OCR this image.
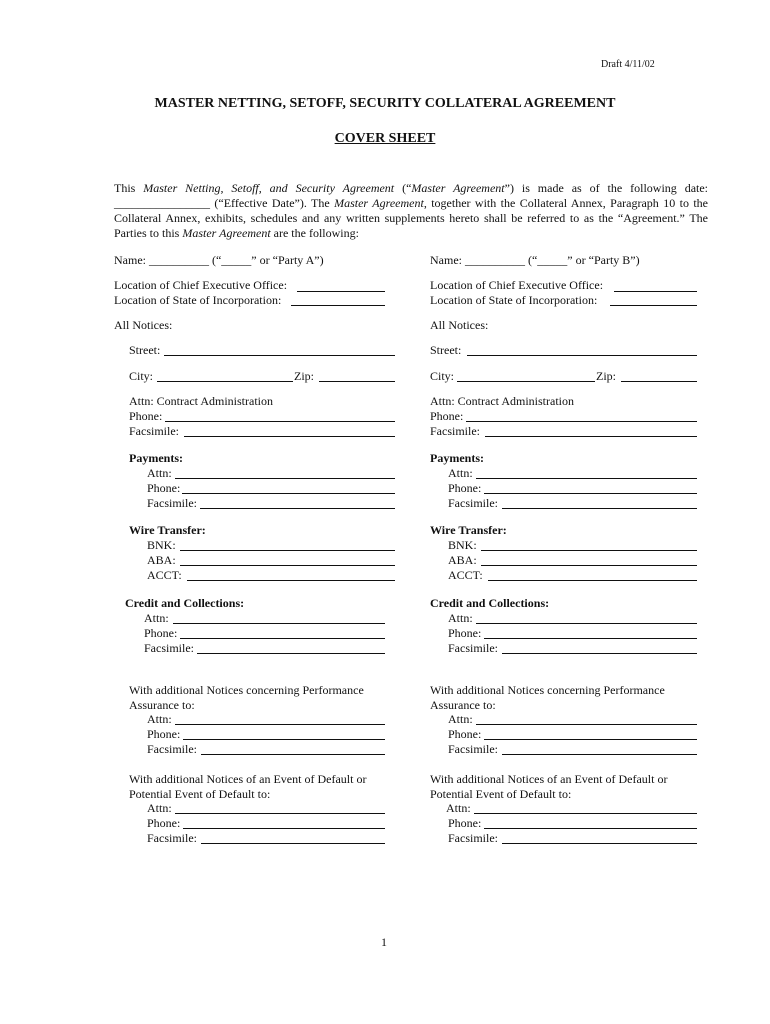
Draft 4/11/02
MASTER NETTING, SETOFF, SECURITY COLLATERAL AGREEMENT
COVER SHEET
This Master Netting, Setoff, and Security Agreement (“Master Agreement”) is made as of the following date: ________________ (“Effective Date”). The Master Agreement, together with the Collateral Annex, Paragraph 10 to the Collateral Annex, exhibits, schedules and any written supplements hereto shall be referred to as the “Agreement.” The Parties to this Master Agreement are the following:
Name: __________ (“_____” or “Party A”)
Location of Chief Executive Office:
Location of State of Incorporation:
All Notices:
Street:
City:	Zip:
Attn: Contract Administration
Phone:
Facsimile:
Payments:
Attn:
Phone:
Facsimile:
Wire Transfer:
BNK:
ABA:
ACCT:
Credit and Collections:
Attn:
Phone:
Facsimile:
With additional Notices concerning Performance
Assurance to:
Attn:
Phone:
Facsimile:
With additional Notices of an Event of Default or
Potential Event of Default to:
Attn:
Phone:
Facsimile:
Name: __________ (“_____” or “Party B”)
Location of Chief Executive Office:
Location of State of Incorporation:
All Notices:
Street:
City:	Zip:
Attn: Contract Administration
Phone:
Facsimile:
Payments:
Attn:
Phone:
Facsimile:
Wire Transfer:
BNK:
ABA:
ACCT:
Credit and Collections:
Attn:
Phone:
Facsimile:
With additional Notices concerning Performance
Assurance to:
Attn:
Phone:
Facsimile:
With additional Notices of an Event of Default or
Potential Event of Default to:
Attn:
Phone:
Facsimile:
1
